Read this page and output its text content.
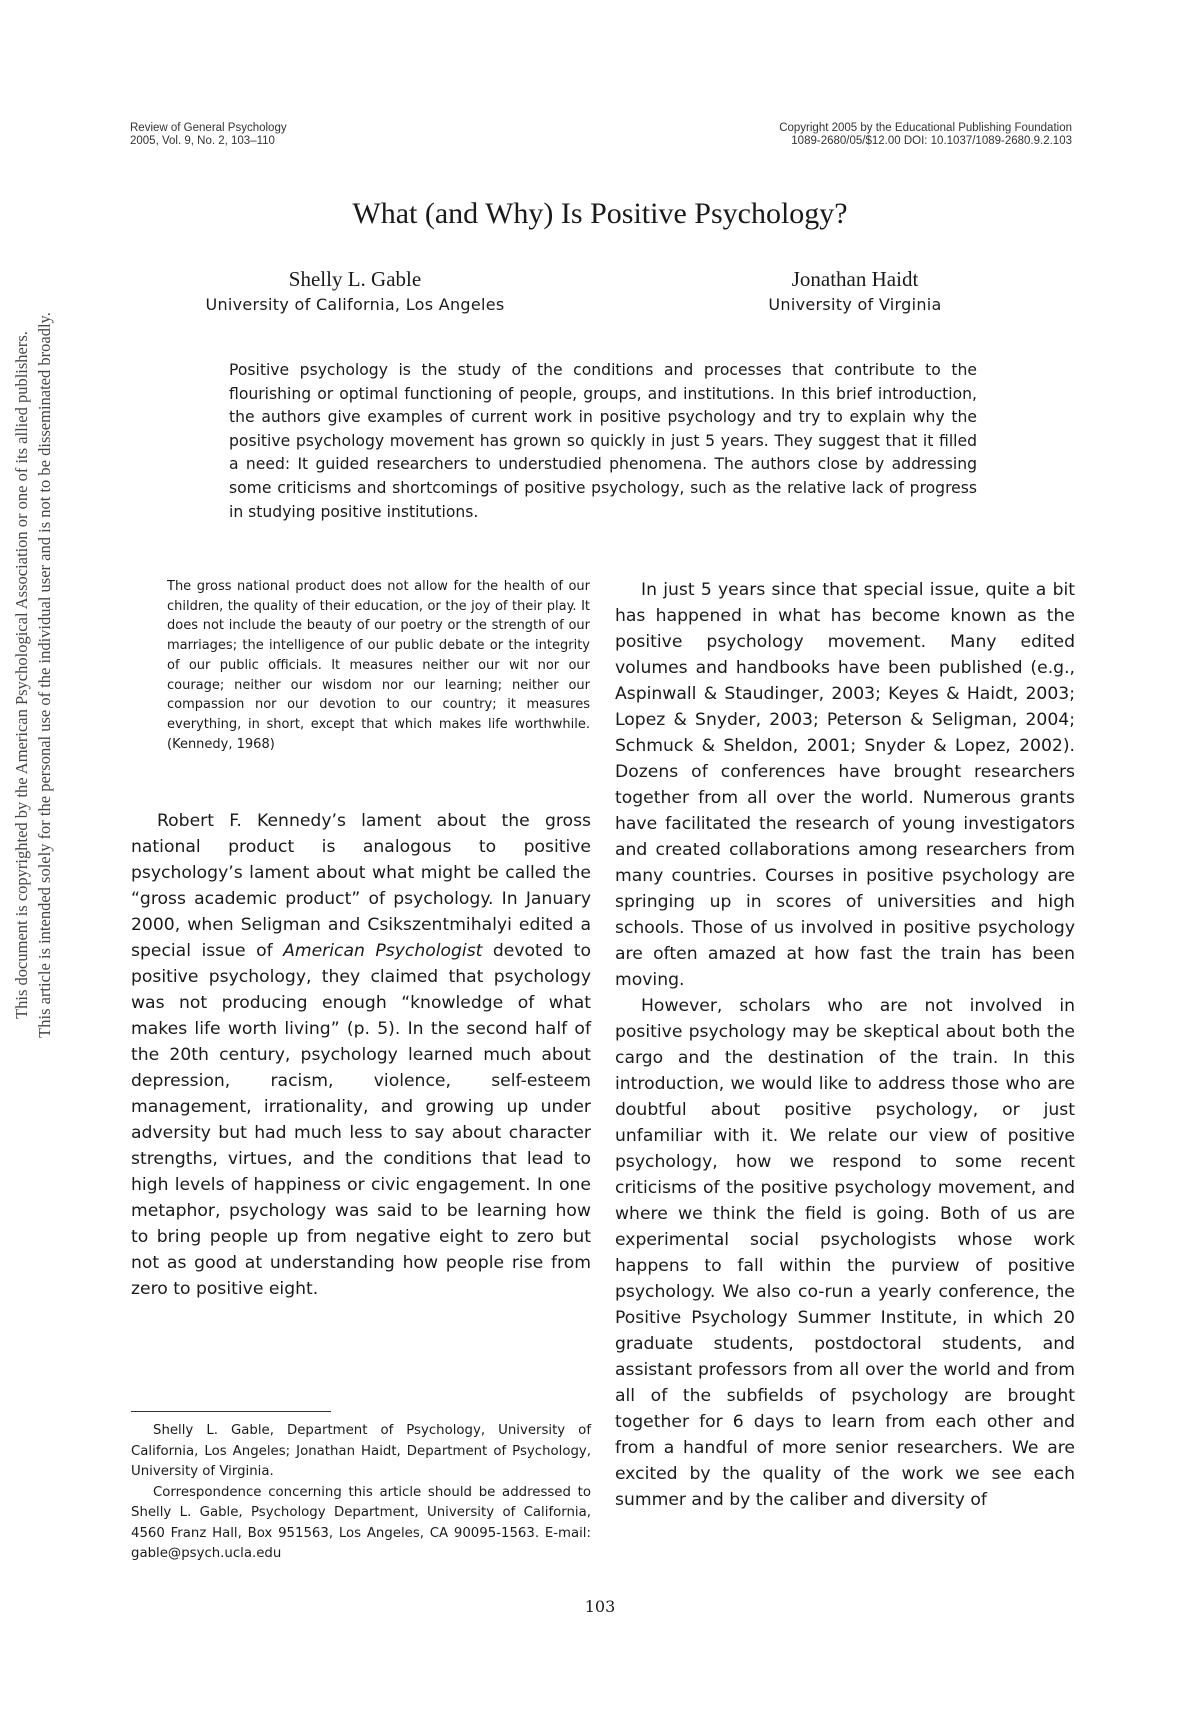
Review of General Psychology
2005, Vol. 9, No. 2, 103–110
Copyright 2005 by the Educational Publishing Foundation
1089-2680/05/$12.00 DOI: 10.1037/1089-2680.9.2.103
What (and Why) Is Positive Psychology?
Shelly L. Gable
University of California, Los Angeles
Jonathan Haidt
University of Virginia
Positive psychology is the study of the conditions and processes that contribute to the flourishing or optimal functioning of people, groups, and institutions. In this brief introduction, the authors give examples of current work in positive psychology and try to explain why the positive psychology movement has grown so quickly in just 5 years. They suggest that it filled a need: It guided researchers to understudied phenomena. The authors close by addressing some criticisms and shortcomings of positive psychology, such as the relative lack of progress in studying positive institutions.
The gross national product does not allow for the health of our children, the quality of their education, or the joy of their play. It does not include the beauty of our poetry or the strength of our marriages; the intelligence of our public debate or the integrity of our public officials. It measures neither our wit nor our courage; neither our wisdom nor our learning; neither our compassion nor our devotion to our country; it measures everything, in short, except that which makes life worthwhile. (Kennedy, 1968)

Robert F. Kennedy’s lament about the gross national product is analogous to positive psychology’s lament about what might be called the “gross academic product” of psychology. In January 2000, when Seligman and Csikszentmihalyi edited a special issue of American Psychologist devoted to positive psychology, they claimed that psychology was not producing enough “knowledge of what makes life worth living” (p. 5). In the second half of the 20th century, psychology learned much about depression, racism, violence, self-esteem management, irrationality, and growing up under adversity but had much less to say about character strengths, virtues, and the conditions that lead to high levels of happiness or civic engagement. In one metaphor, psychology was said to be learning how to bring people up from negative eight to zero but not as good at understanding how people rise from zero to positive eight.

In just 5 years since that special issue, quite a bit has happened in what has become known as the positive psychology movement. Many edited volumes and handbooks have been published (e.g., Aspinwall & Staudinger, 2003; Keyes & Haidt, 2003; Lopez & Snyder, 2003; Peterson & Seligman, 2004; Schmuck & Sheldon, 2001; Snyder & Lopez, 2002). Dozens of conferences have brought researchers together from all over the world. Numerous grants have facilitated the research of young investigators and created collaborations among researchers from many countries. Courses in positive psychology are springing up in scores of universities and high schools. Those of us involved in positive psychology are often amazed at how fast the train has been moving.

However, scholars who are not involved in positive psychology may be skeptical about both the cargo and the destination of the train. In this introduction, we would like to address those who are doubtful about positive psychology, or just unfamiliar with it. We relate our view of positive psychology, how we respond to some recent criticisms of the positive psychology movement, and where we think the field is going. Both of us are experimental social psychologists whose work happens to fall within the purview of positive psychology. We also co-run a yearly conference, the Positive Psychology Summer Institute, in which 20 graduate students, postdoctoral students, and assistant professors from all over the world and from all of the subfields of psychology are brought together for 6 days to learn from each other and from a handful of more senior researchers. We are excited by the quality of the work we see each summer and by the caliber and diversity of

Shelly L. Gable, Department of Psychology, University of California, Los Angeles; Jonathan Haidt, Department of Psychology, University of Virginia.

Correspondence concerning this article should be addressed to Shelly L. Gable, Psychology Department, University of California, 4560 Franz Hall, Box 951563, Los Angeles, CA 90095-1563. E-mail: gable@psych.ucla.edu

103
This document is copyrighted by the American Psychological Association or one of its allied publishers. This article is intended solely for the personal use of the individual user and is not to be disseminated broadly.
